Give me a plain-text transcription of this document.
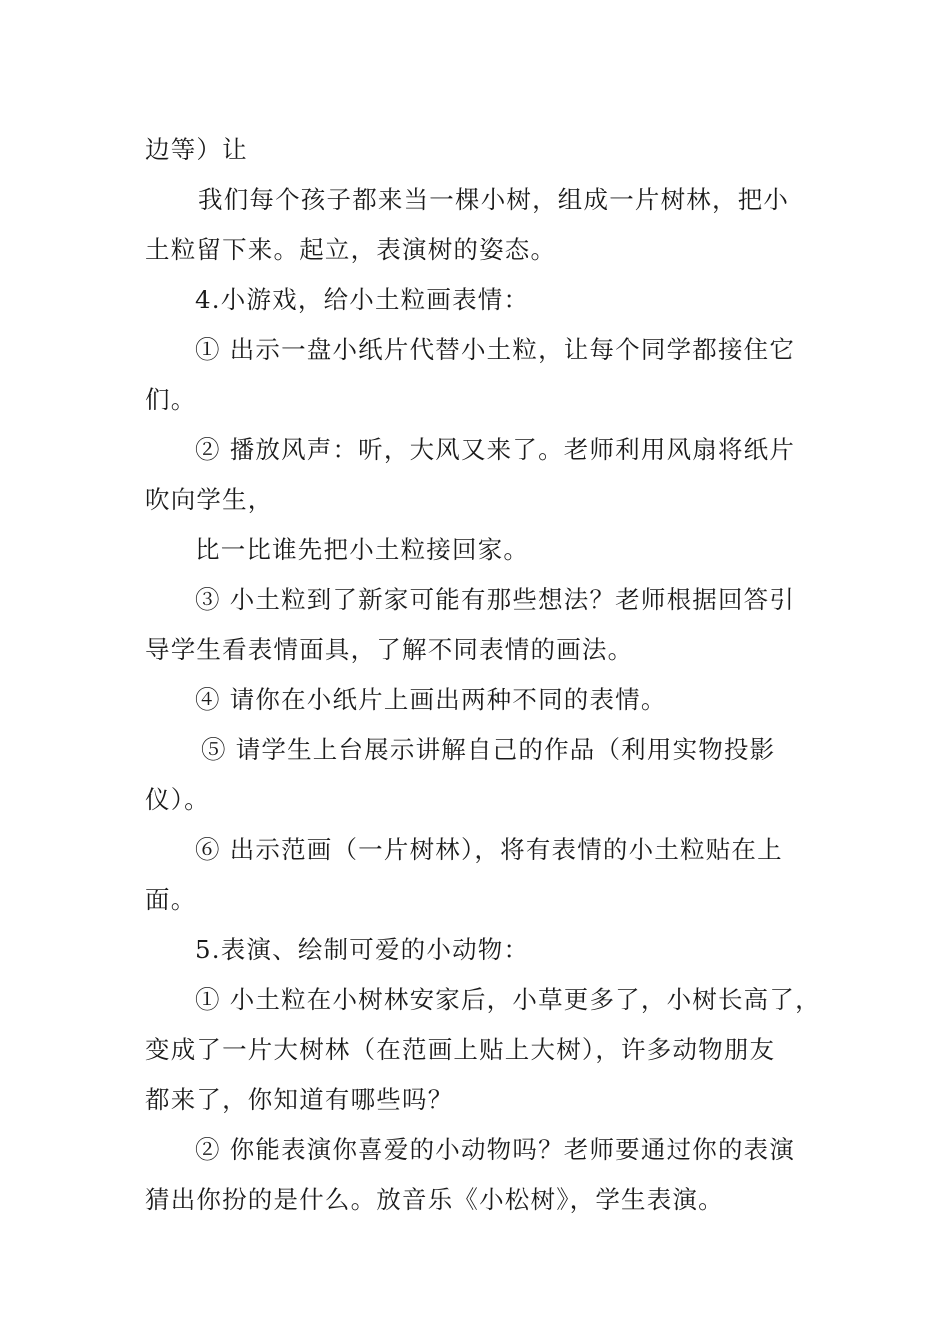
边等）让
我们每个孩子都来当一棵小树，组成一片树林，把小
土粒留下来。起立，表演树的姿态。
4.小游戏，给小土粒画表情：
① 出示一盘小纸片代替小土粒，让每个同学都接住它
们。
② 播放风声：听，大风又来了。老师利用风扇将纸片
吹向学生，
比一比谁先把小土粒接回家。
③ 小土粒到了新家可能有那些想法？老师根据回答引
导学生看表情面具，了解不同表情的画法。
④ 请你在小纸片上画出两种不同的表情。
⑤ 请学生上台展示讲解自己的作品（利用实物投影
仪）。
⑥ 出示范画（一片树林），将有表情的小土粒贴在上
面。
5.表演、绘制可爱的小动物：
① 小土粒在小树林安家后，小草更多了，小树长高了，
变成了一片大树林（在范画上贴上大树），许多动物朋友
都来了，你知道有哪些吗？
② 你能表演你喜爱的小动物吗？老师要通过你的表演
猜出你扮的是什么。放音乐《小松树》，学生表演。
